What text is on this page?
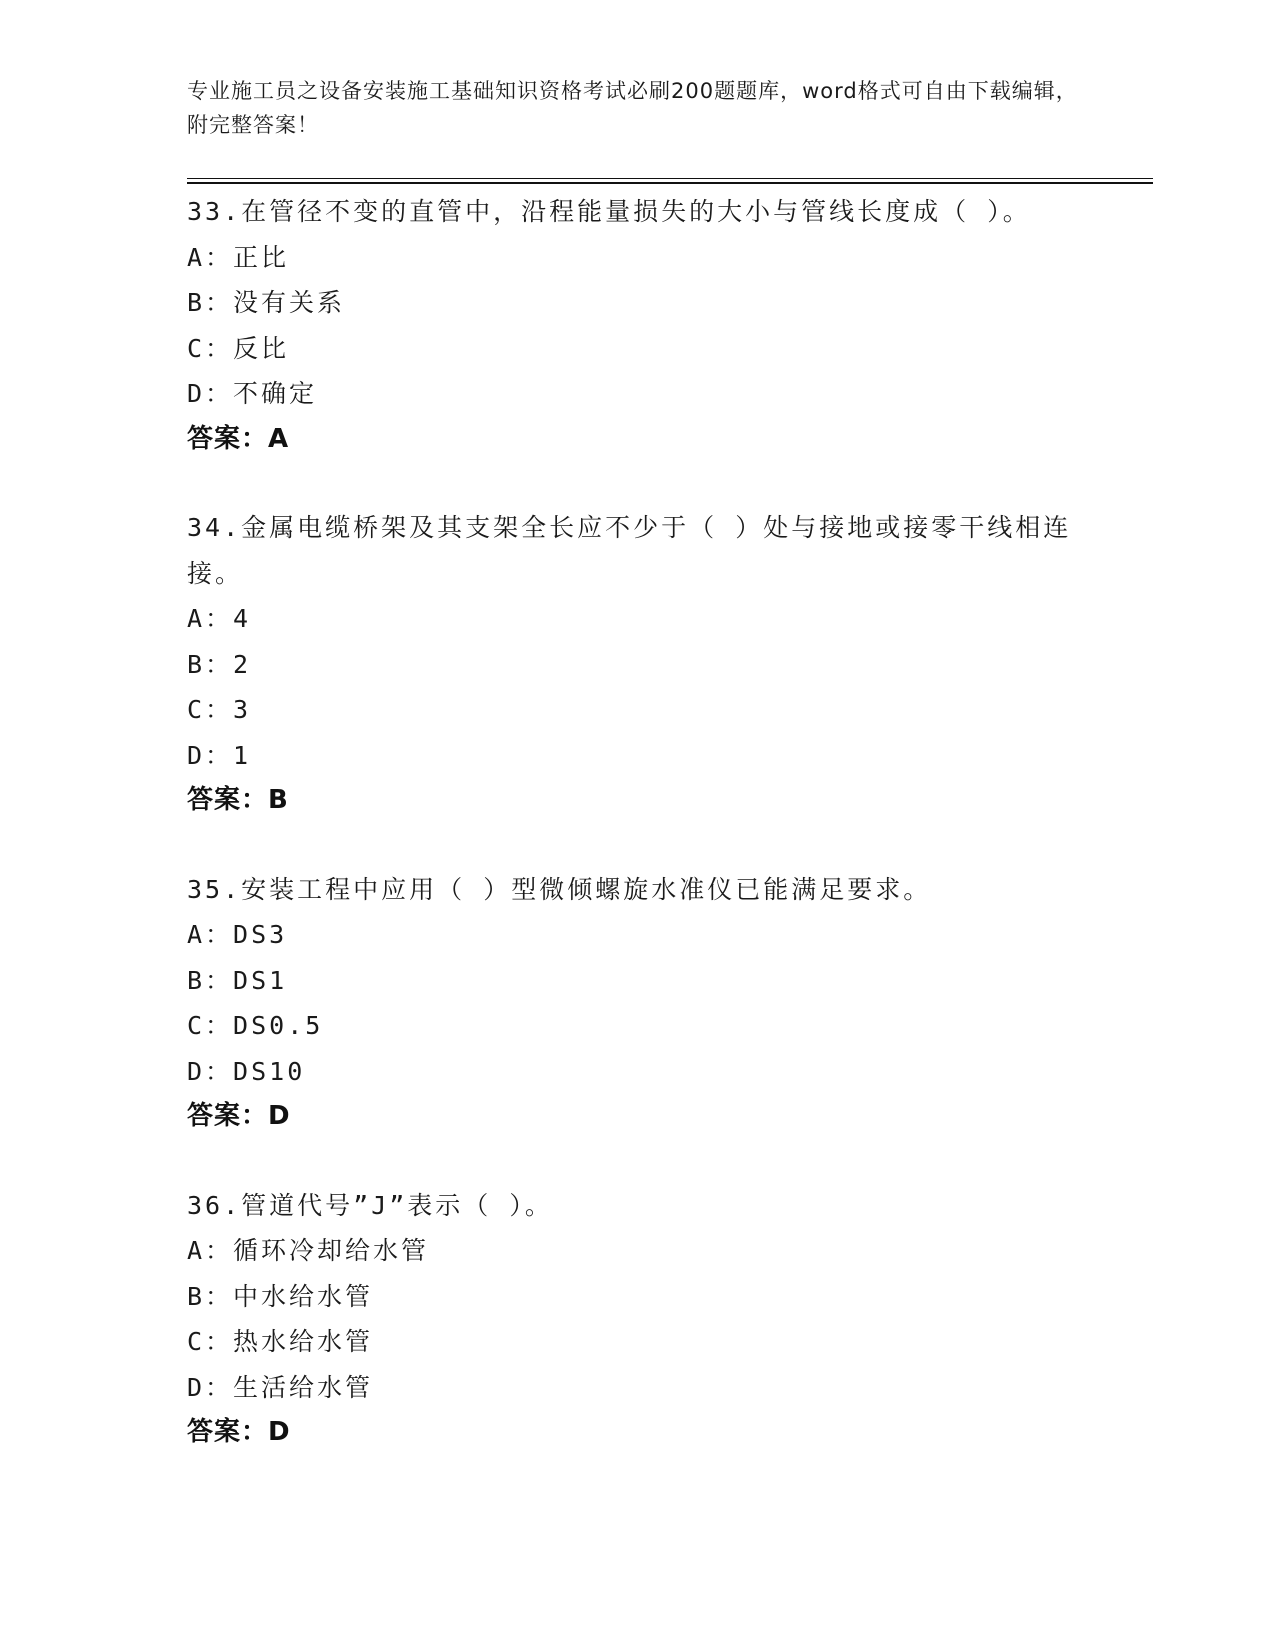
专业施工员之设备安装施工基础知识资格考试必刷200题题库，word格式可自由下载编辑，附完整答案！
33.在管径不变的直管中，沿程能量损失的大小与管线长度成（ ）。
A：正比
B：没有关系
C：反比
D：不确定
答案：A
34.金属电缆桥架及其支架全长应不少于（ ）处与接地或接零干线相连接。
A：4
B：2
C：3
D：1
答案：B
35.安装工程中应用（ ）型微倾螺旋水准仪已能满足要求。
A：DS3
B：DS1
C：DS0.5
D：DS10
答案：D
36.管道代号”J”表示（ ）。
A：循环冷却给水管
B：中水给水管
C：热水给水管
D：生活给水管
答案：D
